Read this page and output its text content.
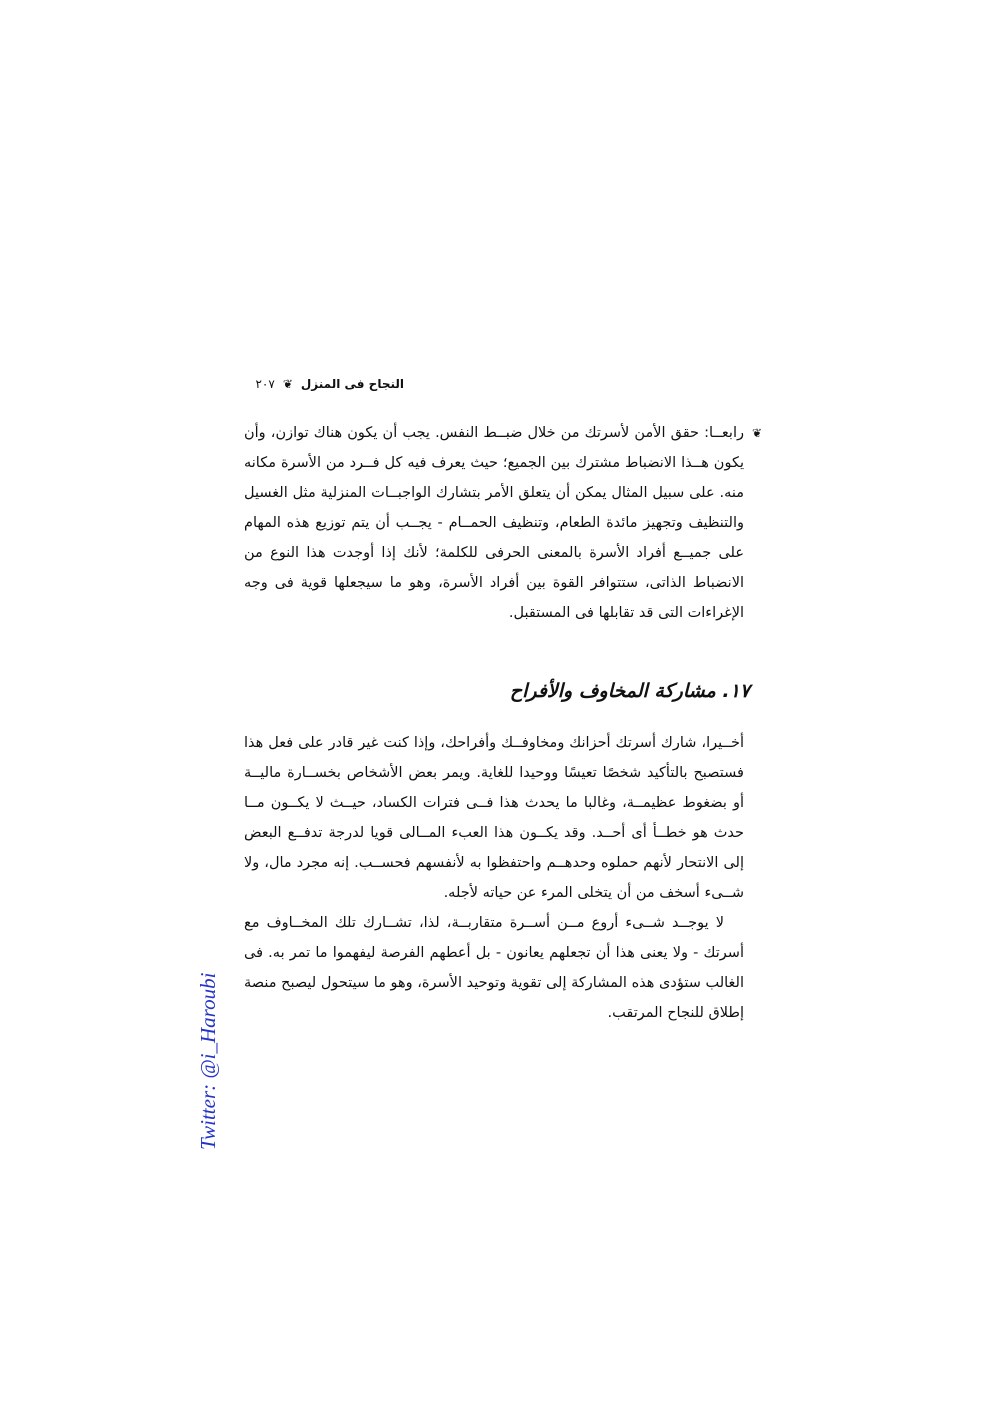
النجاح فى المنزل
❦
٢٠٧
❦

رابعــا: حقق الأمن لأسرتك من خلال ضبــط النفس. يجب أن يكون هناك توازن، وأن يكون هــذا الانضباط مشترك بين الجميع؛ حيث يعرف فيه كل فــرد من الأسرة مكانه منه. على سبيل المثال يمكن أن يتعلق الأمر بتشارك الواجبــات المنزلية مثل الغسيل والتنظيف وتجهيز مائدة الطعام، وتنظيف الحمــام - يجــب أن يتم توزيع هذه المهام على جميــع أفراد الأسرة بالمعنى الحرفى للكلمة؛ لأنك إذا أوجدت هذا النوع من الانضباط الذاتى، ستتوافر القوة بين أفراد الأسرة، وهو ما سيجعلها قوية فى وجه الإغراءات التى قد تقابلها فى المستقبل.

١٧. مشاركة المخاوف والأفراح

أخــيرا، شارك أسرتك أحزانك ومخاوفــك وأفراحك، وإذا كنت غير قادر على فعل هذا فستصبح بالتأكيد شخصًا تعيسًا ووحيدا للغاية. ويمر بعض الأشخاص بخســارة ماليــة أو بضغوط عظيمــة، وغالبا ما يحدث هذا فــى فترات الكساد، حيــث لا يكــون مــا حدث هو خطــأ أى أحــد. وقد يكــون هذا العبء المــالى قويا لدرجة تدفــع البعض إلى الانتحار لأنهم حملوه وحدهــم واحتفظوا به لأنفسهم فحســب. إنه مجرد مال، ولا شــىء أسخف من أن يتخلى المرء عن حياته لأجله.

لا يوجــد شــىء أروع مــن أســرة متقاربــة، لذا، تشــارك تلك المخــاوف مع أسرتك - ولا يعنى هذا أن تجعلهم يعانون - بل أعطهم الفرصة ليفهموا ما تمر به. فى الغالب ستؤدى هذه المشاركة إلى تقوية وتوحيد الأسرة، وهو ما سيتحول ليصبح منصة إطلاق للنجاح المرتقب.

Twitter: @i_Haroubi
